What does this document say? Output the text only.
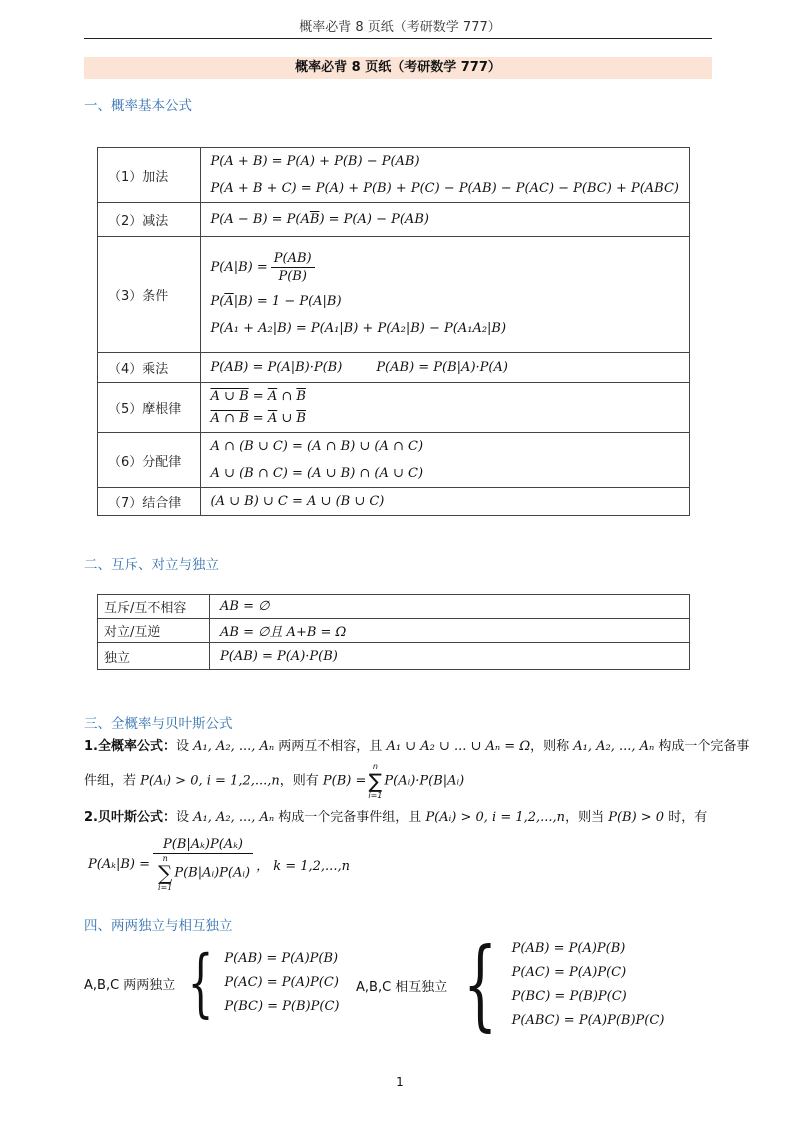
概率必背 8 页纸（考研数学 777）
概率必背 8 页纸（考研数学 777）
一、概率基本公式
（1）加法	P(A + B) = P(A) + P(B) − P(AB)
P(A + B + C) = P(A) + P(B) + P(C) − P(AB) − P(AC) − P(BC) + P(ABC)

（2）减法	$P(A - B) = P(A\overline{B}) = P(A) - P(AB)$

（3）条件	$P(A|B) = \frac{P(AB)}{P(B)}$
$P(\overline{A}|B) = 1 - P(A|B)$
P(A₁ + A₂|B) = P(A₁|B) + P(A₂|B) − P(A₁A₂|B)

（4）乘法	P(AB) = P(A|B)·P(B) P(AB) = P(B|A)·P(A)

（5）摩根律	A ∪ $B = \overline{A}$ ∩ $\overline{B}$
A ∩ $B = \overline{A}$ ∪ $\overline{B}$

（6）分配律	A ∩ (B ∪ C) = (A ∩ B) ∪ (A ∩ C)
A ∪ (B ∩ C) = (A ∪ B) ∩ (A ∪ C)

（7）结合律	(A ∪ B) ∪ C = A ∪ (B ∪ C)
二、互斥、对立与独立
互斥/互不相容	AB = ∅
对立/互逆	AB = ∅且 A+B = Ω
独立	P(AB) = P(A)·P(B)
三、全概率与贝叶斯公式
1.全概率公式：设 A₁, A₂, ..., Aₙ 两两互不相容，且 A₁ ∪ A₂ ∪ ... ∪ Aₙ = Ω，则称 A₁, A₂, ..., Aₙ 构成一个完备事
件组，若 P(Aᵢ) > 0, i = 1,2,...,n，则有 P(B) =
n
∑
i=1
P(Aᵢ)·P(B|Aᵢ)
2.贝叶斯公式：设 A₁, A₂, ..., Aₙ 构成一个完备事件组，且 P(Aᵢ) > 0, i = 1,2,...,n，则当 P(B) > 0 时，有
P(Aₖ|B) = P(B|Aₖ)P(Aₖ)
n
∑
i=1
P(B|Aᵢ)P(Aᵢ) ， k = 1,2,...,n
四、两两独立与相互独立
A,B,C 两两独立 { P(AB) = P(A)P(B)
P(AC) = P(A)P(C)
P(BC) = P(B)P(C)
A,B,C 相互独立 { P(AB) = P(A)P(B)
P(AC) = P(A)P(C)
P(BC) = P(B)P(C)
P(ABC) = P(A)P(B)P(C)
1
